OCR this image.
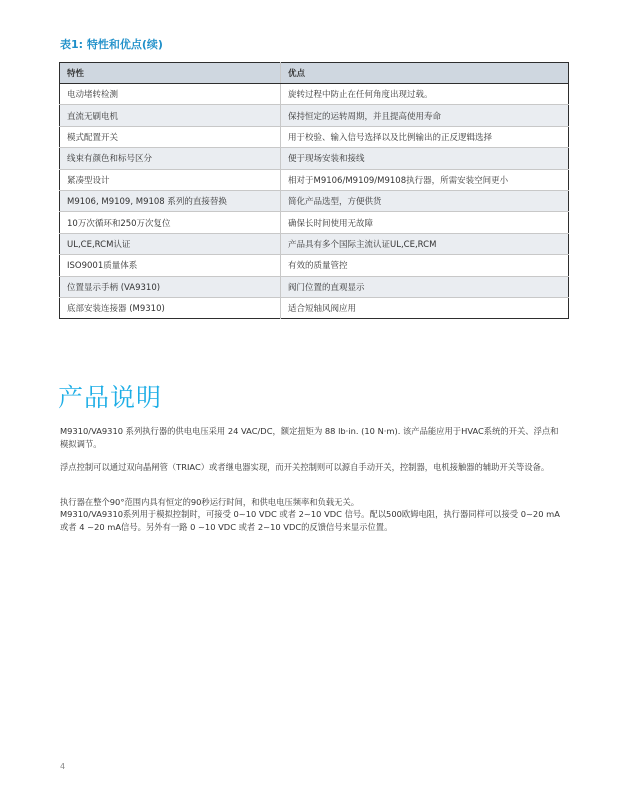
表1: 特性和优点(续)
特性	优点
电动堵转检测	旋转过程中防止在任何角度出现过载。
直流无刷电机	保持恒定的运转周期，并且提高使用寿命
模式配置开关	用于校验、输入信号选择以及比例输出的正反逻辑选择
线束有颜色和标号区分	便于现场安装和接线
紧凑型设计	相对于M9106/M9109/M9108执行器，所需安装空间更小
M9106, M9109, M9108 系列的直接替换	简化产品选型，方便供货
10万次循环和250万次复位	确保长时间使用无故障
UL,CE,RCM认证	产品具有多个国际主流认证UL,CE,RCM
ISO9001质量体系	有效的质量管控
位置显示手柄 (VA9310)	阀门位置的直观显示
底部安装连接器 (M9310)	适合短轴风阀应用
产品说明

M9310/VA9310 系列执行器的供电电压采用 24 VAC/DC，额定扭矩为 88 lb·in. (10 N·m). 该产品能应用于HVAC系统的开关、浮点和模拟调节。

浮点控制可以通过双向晶闸管（TRIAC）或者继电器实现，而开关控制则可以源自手动开关，控制器，电机接触器的辅助开关等设备。

执行器在整个90°范围内具有恒定的90秒运行时间，和供电电压频率和负载无关。

M9310/VA9310系列用于模拟控制时，可接受 0~10 VDC 或者 2~10 VDC 信号。配以500欧姆电阻，执行器同样可以接受 0~20 mA 或者 4 ~20 mA信号。另外有一路 0 ~10 VDC 或者 2~10 VDC的反馈信号来显示位置。

4
